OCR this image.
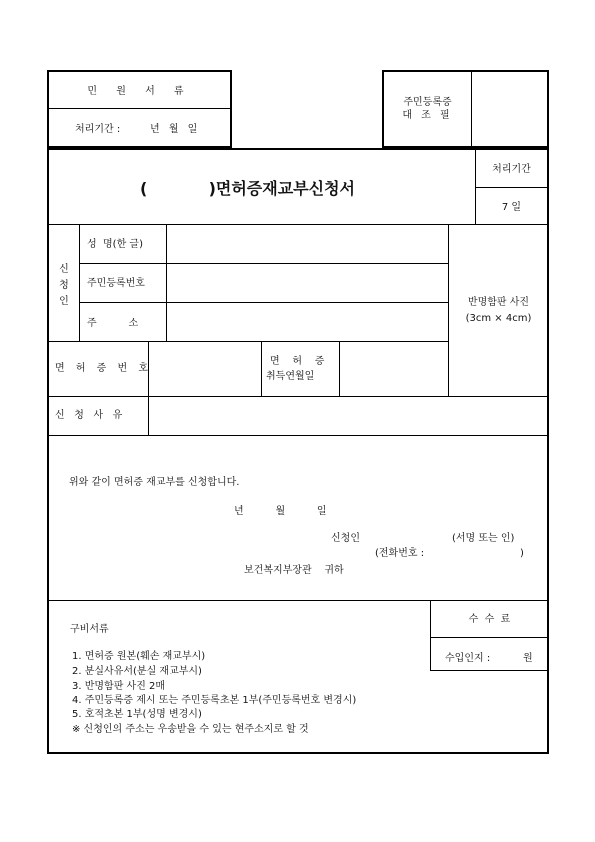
민 원 서 류
처리기간 :	년 월 일
주민등록증
대 조 필
(           )면허증재교부신청서
처리기간
7 일
신
청
인
성  명(한 글)
주민등록번호
주          소
반명함판 사진
(3cm × 4cm)
면 허 증 번 호
면    허    증
취득연월일
신   청   사   유
위와 같이 면허증 재교부를 신청합니다.
년          월          일
신청인	(서명 또는 인)
(전화번호 :	)
보건복지부장관    귀하
구비서류
1. 면허증 원본(훼손 재교부시)
2. 분실사유서(분실 재교부시)
3. 반명함판 사진 2매
4. 주민등록증 제시 또는 주민등록초본 1부(주민등록번호 변경시)
5. 호적초본 1부(성명 변경시)
※ 신청인의 주소는 우송받을 수 있는 현주소지로 할 것
수  수  료
수입인지 :	원
